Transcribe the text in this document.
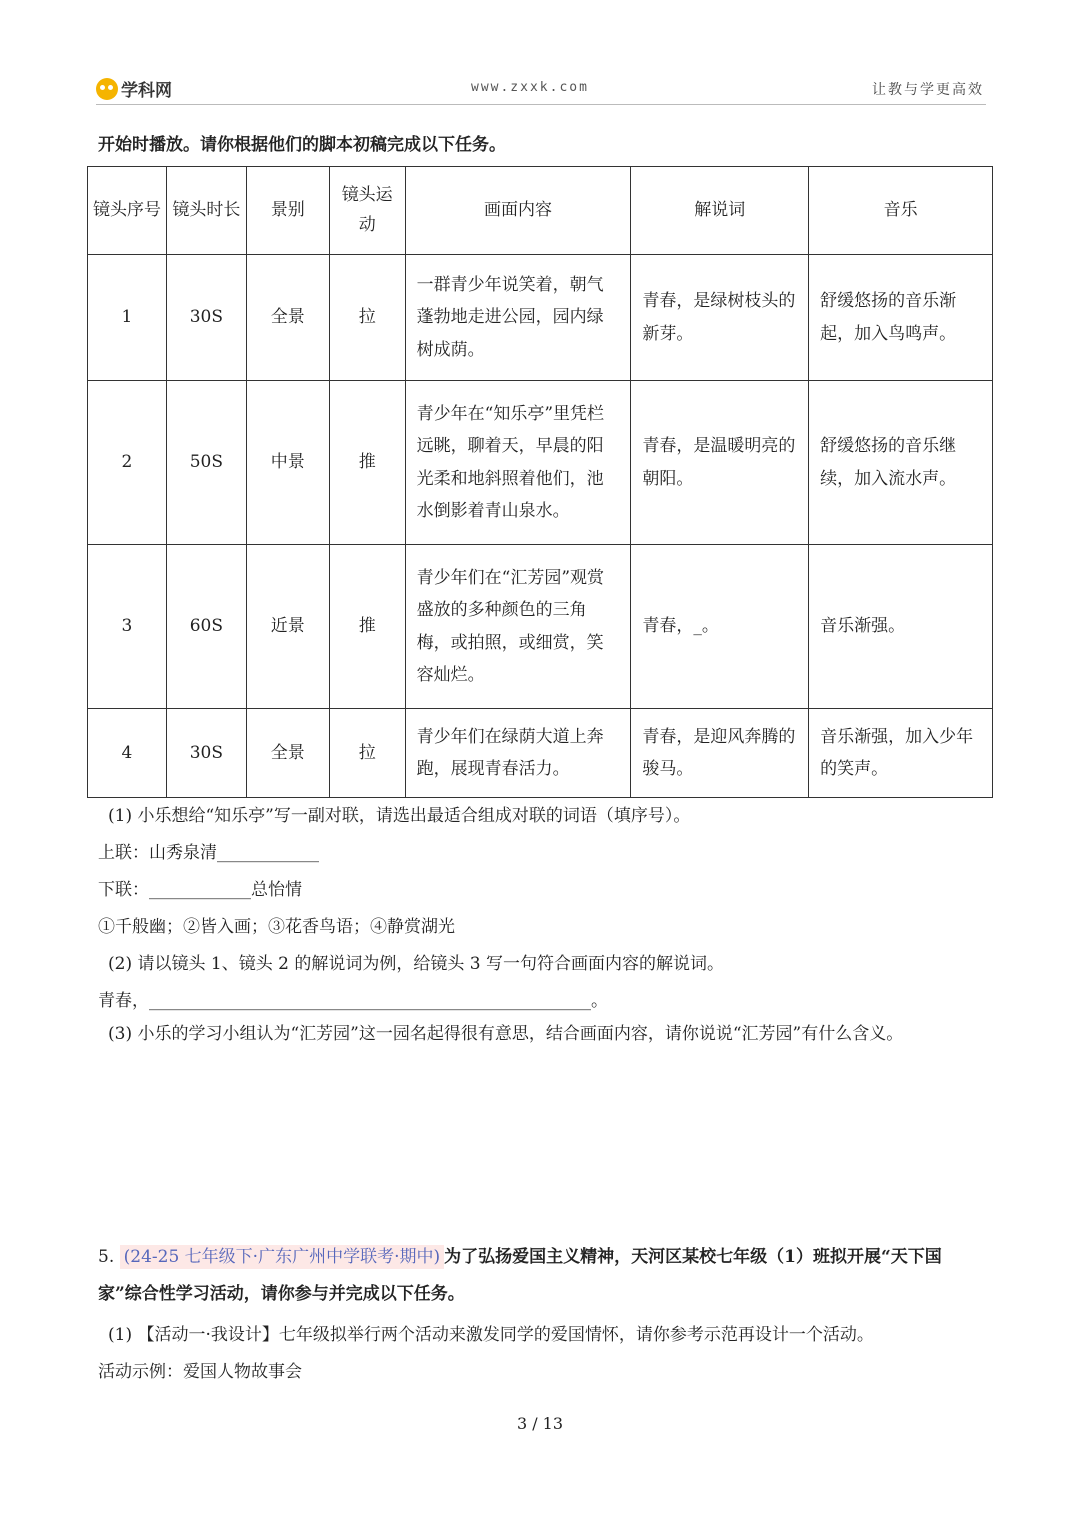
学科网	www.zxxk.com	让教与学更高效
开始时播放。请你根据他们的脚本初稿完成以下任务。
镜头序号	镜头时长	景别	镜头运动	画面内容	解说词	音乐
1	30S	全景	拉	一群青少年说笑着，朝气蓬勃地走进公园，园内绿树成荫。	青春，是绿树枝头的新芽。	舒缓悠扬的音乐渐起，加入鸟鸣声。
2	50S	中景	推	青少年在“知乐亭”里凭栏远眺，聊着天，早晨的阳光柔和地斜照着他们，池水倒影着青山泉水。	青春，是温暖明亮的朝阳。	舒缓悠扬的音乐继续，加入流水声。
3	60S	近景	推	青少年们在“汇芳园”观赏盛放的多种颜色的三角梅，或拍照，或细赏，笑容灿烂。	青春，_。	音乐渐强。
4	30S	全景	拉	青少年们在绿荫大道上奔跑，展现青春活力。	青春，是迎风奔腾的骏马。	音乐渐强，加入少年的笑声。
(1) 小乐想给“知乐亭”写一副对联，请选出最适合组成对联的词语（填序号）。
上联：山秀泉清____________
下联：____________总怡情
①千般幽；②皆入画；③花香鸟语；④静赏湖光
(2) 请以镜头 1、镜头 2 的解说词为例，给镜头 3 写一句符合画面内容的解说词。
青春，____________________________________________________。
(3) 小乐的学习小组认为“汇芳园”这一园名起得很有意思，结合画面内容，请你说说“汇芳园”有什么含义。
5. (24-25 七年级下·广东广州中学联考·期中) 为了弘扬爱国主义精神，天河区某校七年级（1）班拟开展“天下国家”综合性学习活动，请你参与并完成以下任务。
(1) 【活动一·我设计】七年级拟举行两个活动来激发同学的爱国情怀，请你参考示范再设计一个活动。
活动示例：爱国人物故事会
3 / 13
